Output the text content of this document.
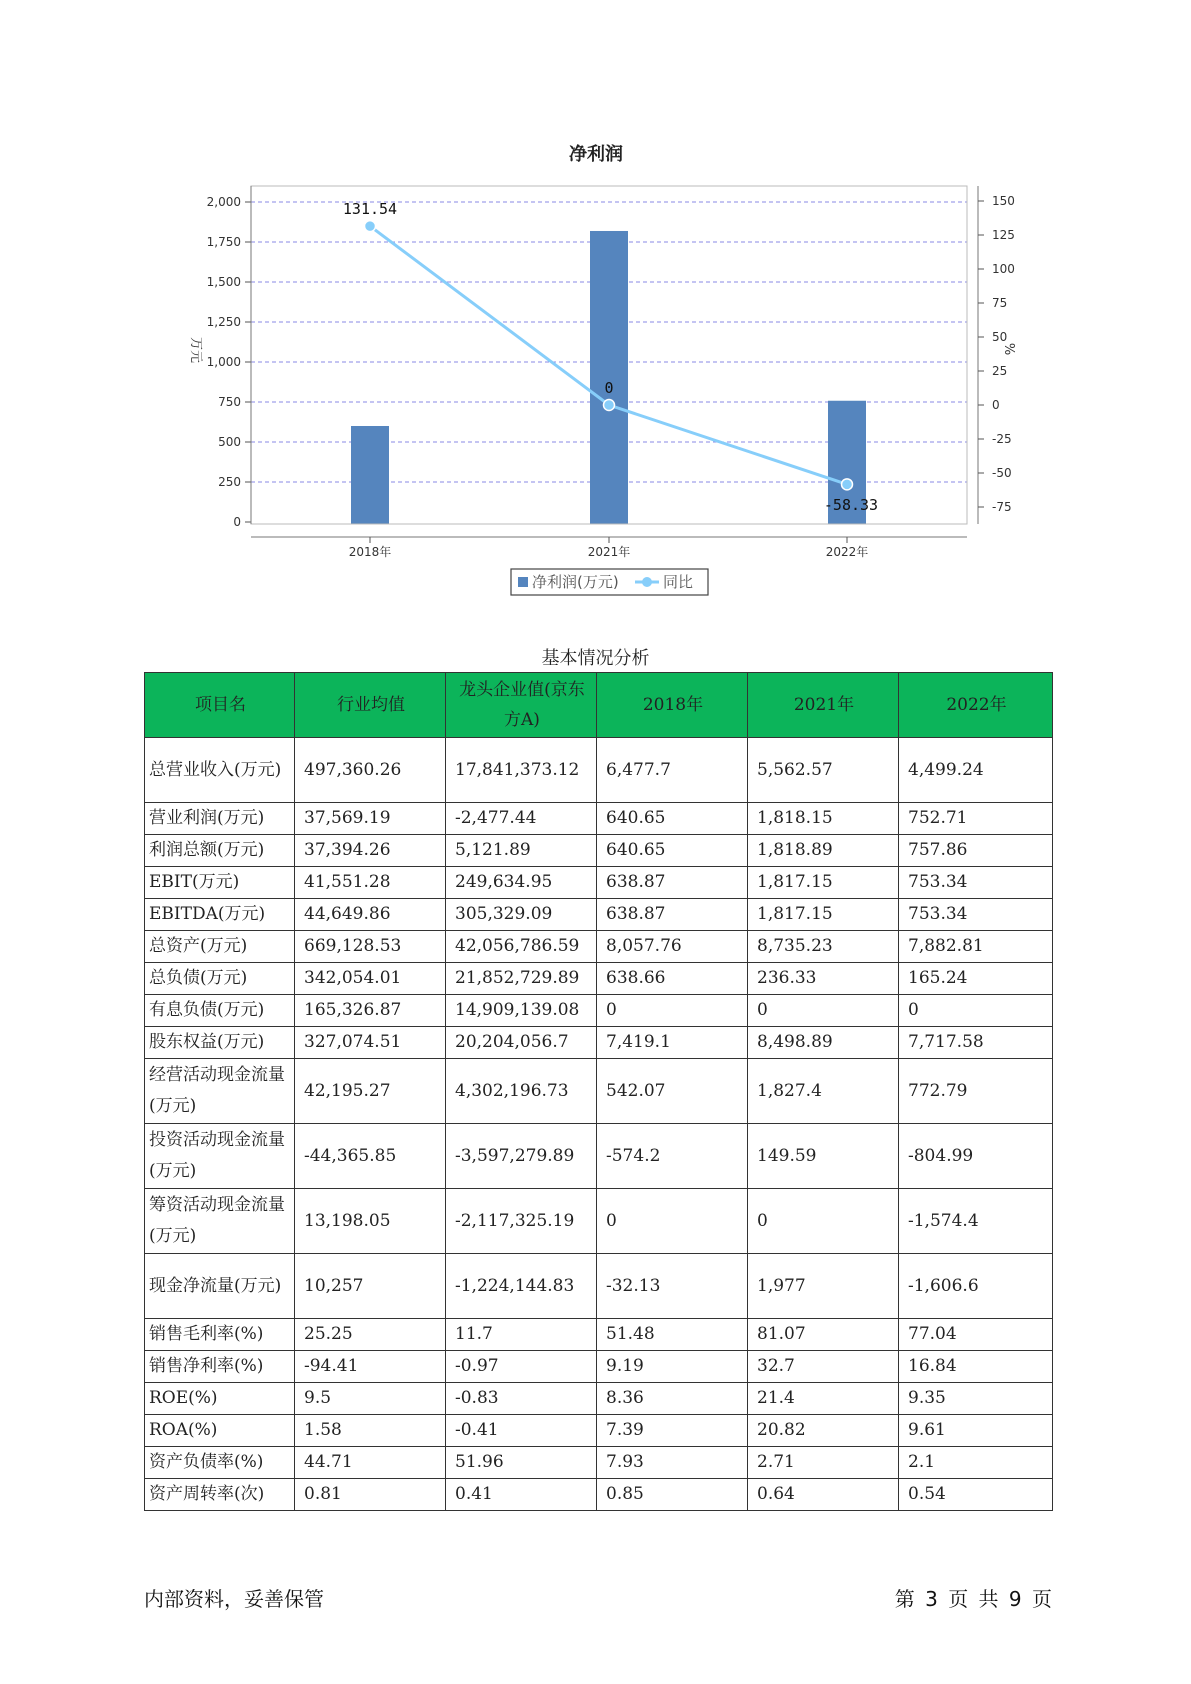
净利润
131.54
0
-58.33
0
250
500
750
1,000
1,250
1,500
1,750
2,000	150
125
100
75
50
25
0
-25
-50
-75
2018年	2021年	2022年
万元	%
净利润(万元)	同比
基本情况分析
项目名	行业均值	龙头企业值(京东方A)	2018年	2021年	2022年
总营业收入(万元)	497,360.26	17,841,373.12	6,477.7	5,562.57	4,499.24
营业利润(万元)	37,569.19	-2,477.44	640.65	1,818.15	752.71
利润总额(万元)	37,394.26	5,121.89	640.65	1,818.89	757.86
EBIT(万元)	41,551.28	249,634.95	638.87	1,817.15	753.34
EBITDA(万元)	44,649.86	305,329.09	638.87	1,817.15	753.34
总资产(万元)	669,128.53	42,056,786.59	8,057.76	8,735.23	7,882.81
总负债(万元)	342,054.01	21,852,729.89	638.66	236.33	165.24
有息负债(万元)	165,326.87	14,909,139.08	0	0	0
股东权益(万元)	327,074.51	20,204,056.7	7,419.1	8,498.89	7,717.58
经营活动现金流量(万元)	42,195.27	4,302,196.73	542.07	1,827.4	772.79
投资活动现金流量(万元)	-44,365.85	-3,597,279.89	-574.2	149.59	-804.99
筹资活动现金流量(万元)	13,198.05	-2,117,325.19	0	0	-1,574.4
现金净流量(万元)	10,257	-1,224,144.83	-32.13	1,977	-1,606.6
销售毛利率(%)	25.25	11.7	51.48	81.07	77.04
销售净利率(%)	-94.41	-0.97	9.19	32.7	16.84
ROE(%)	9.5	-0.83	8.36	21.4	9.35
ROA(%)	1.58	-0.41	7.39	20.82	9.61
资产负债率(%)	44.71	51.96	7.93	2.71	2.1
资产周转率(次)	0.81	0.41	0.85	0.64	0.54
内部资料，妥善保管	第 3 页 共 9 页
